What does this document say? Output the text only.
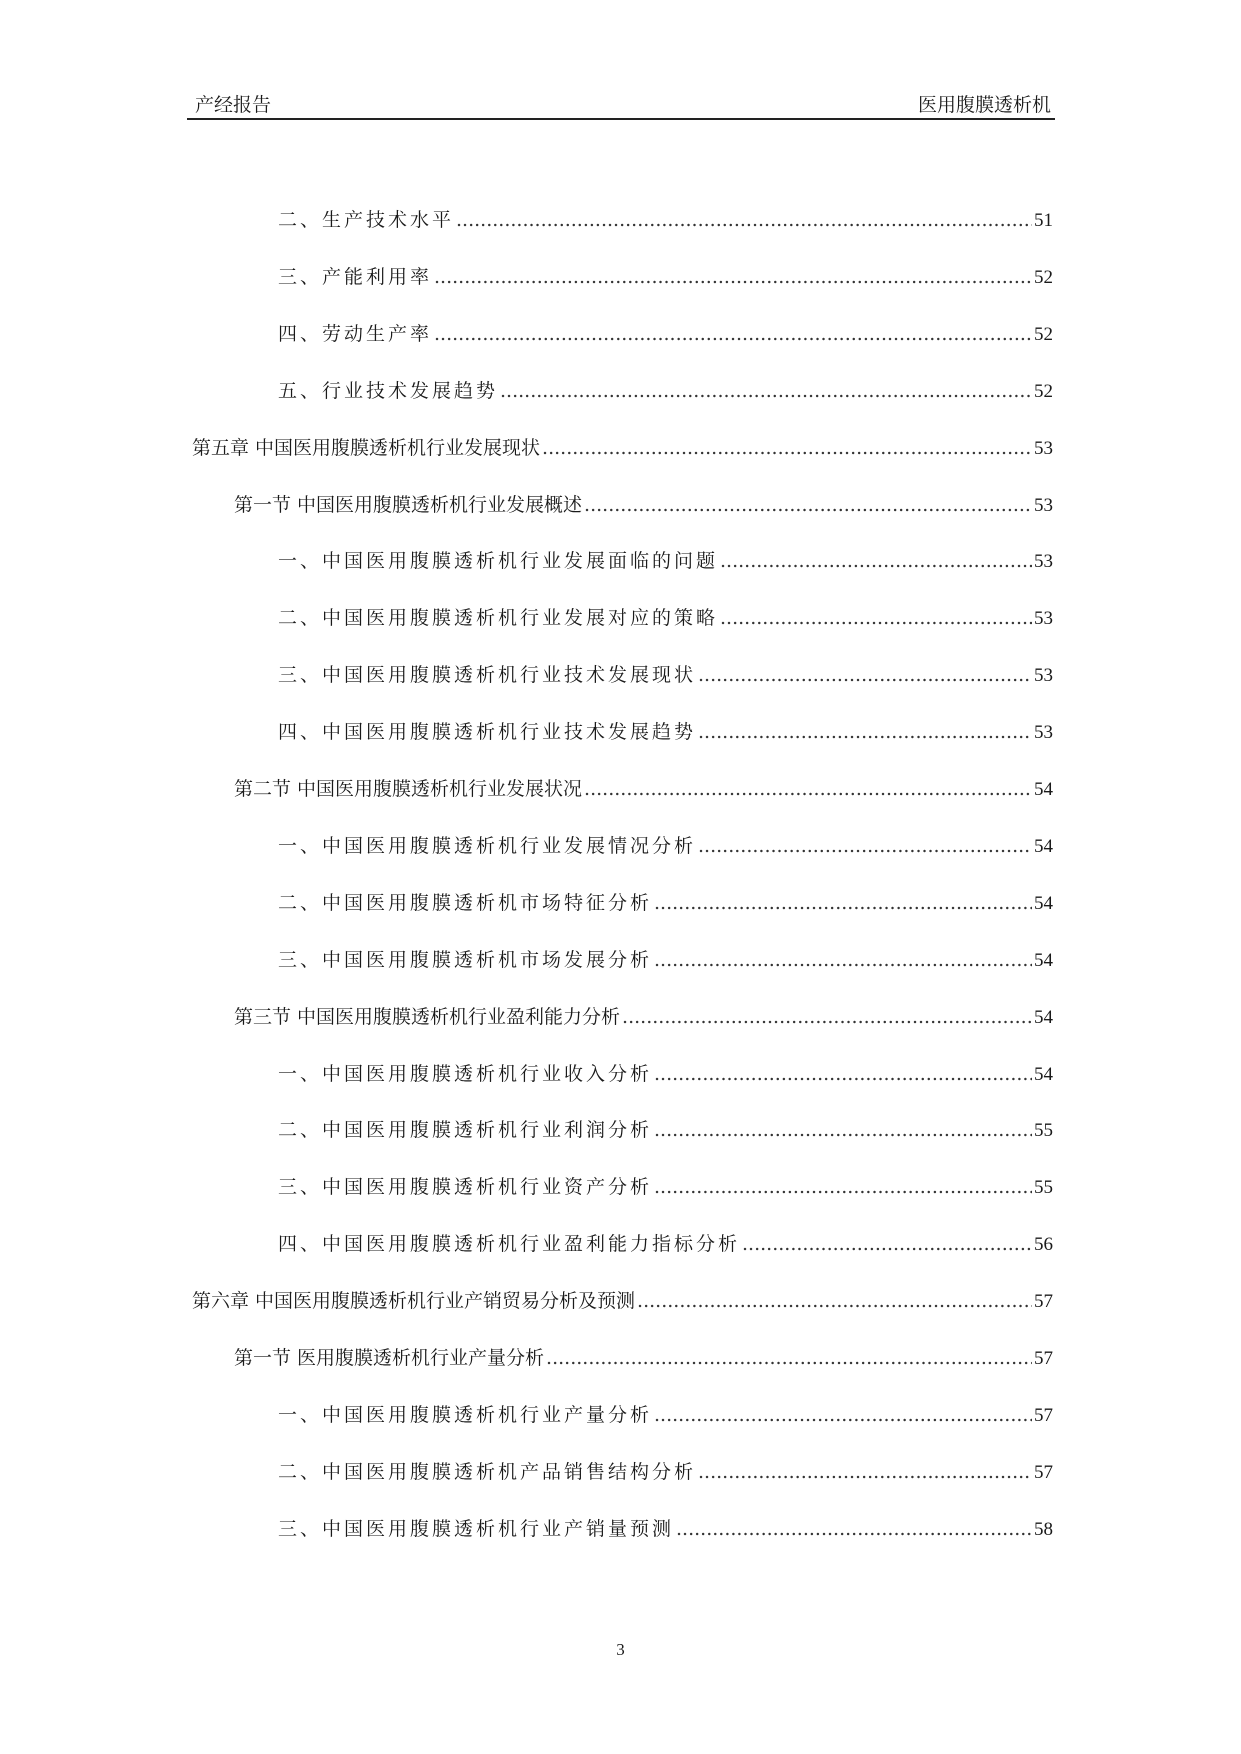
产经报告	医用腹膜透析机
二、生产技术水平 .....	51
三、产能利用率 .....	52
四、劳动生产率 .....	52
五、行业技术发展趋势 .....	52
第五章 中国医用腹膜透析机行业发展现状 .....	53
第一节 中国医用腹膜透析机行业发展概述 .....	53
一、中国医用腹膜透析机行业发展面临的问题 .....	53
二、中国医用腹膜透析机行业发展对应的策略 .....	53
三、中国医用腹膜透析机行业技术发展现状 .....	53
四、中国医用腹膜透析机行业技术发展趋势 .....	53
第二节 中国医用腹膜透析机行业发展状况 .....	54
一、中国医用腹膜透析机行业发展情况分析 .....	54
二、中国医用腹膜透析机市场特征分析 .....	54
三、中国医用腹膜透析机市场发展分析 .....	54
第三节 中国医用腹膜透析机行业盈利能力分析 .....	54
一、中国医用腹膜透析机行业收入分析 .....	54
二、中国医用腹膜透析机行业利润分析 .....	55
三、中国医用腹膜透析机行业资产分析 .....	55
四、中国医用腹膜透析机行业盈利能力指标分析 .....	56
第六章 中国医用腹膜透析机行业产销贸易分析及预测 .....	57
第一节 医用腹膜透析机行业产量分析 .....	57
一、中国医用腹膜透析机行业产量分析 .....	57
二、中国医用腹膜透析机产品销售结构分析 .....	57
三、中国医用腹膜透析机行业产销量预测 .....	58
3
